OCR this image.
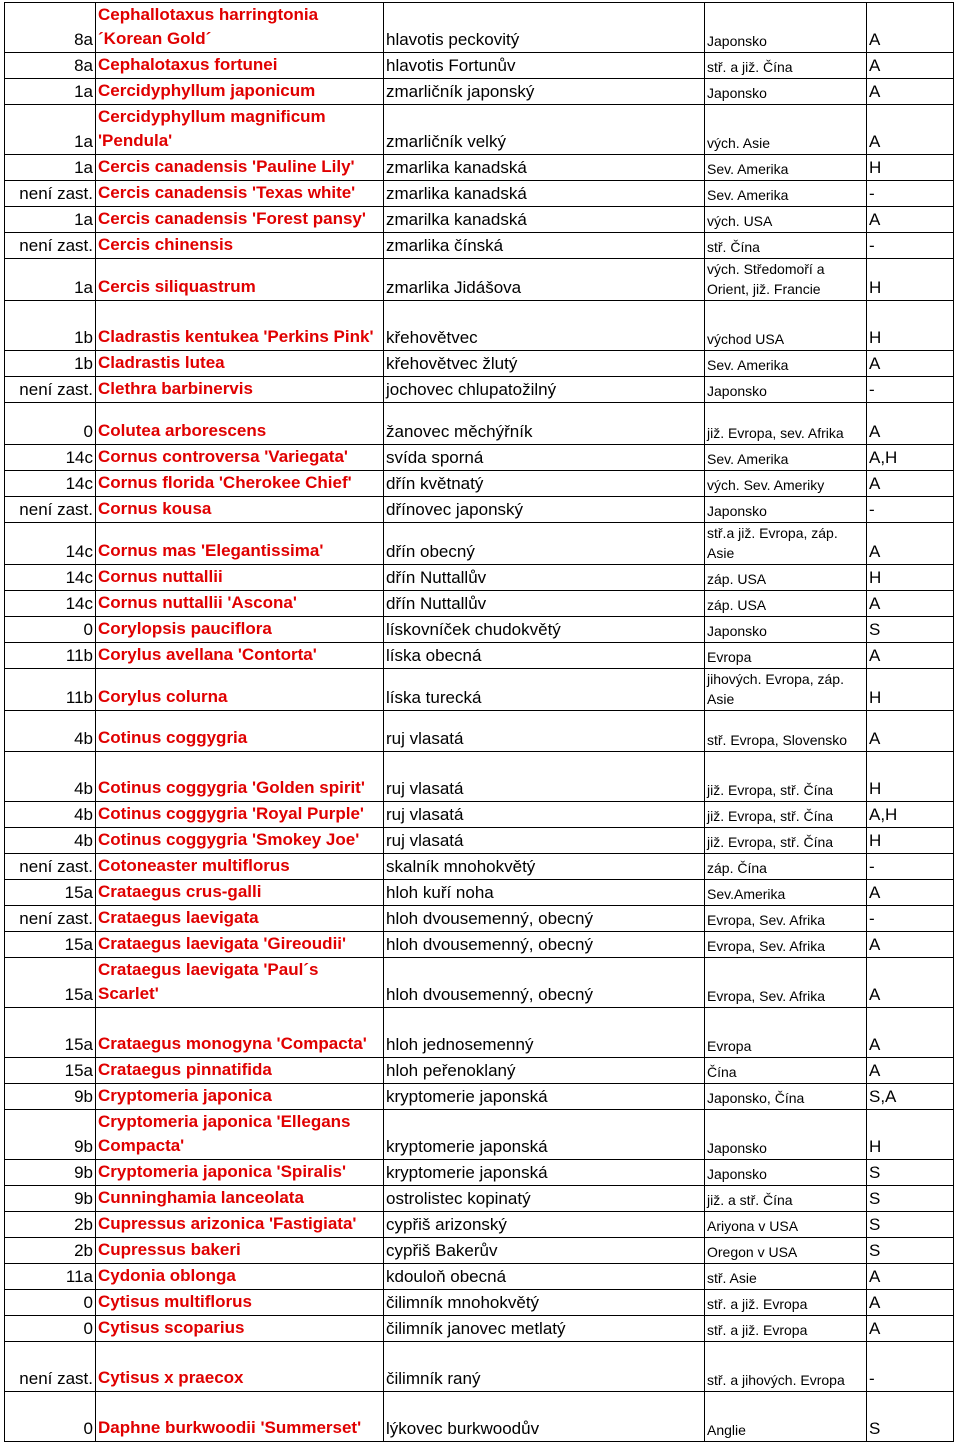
8a	Cephallotaxus harringtonia ´Korean Gold´	hlavotis peckovitý	Japonsko	A
8a	Cephalotaxus fortunei	hlavotis Fortunův	stř. a již. Čína	A
1a	Cercidyphyllum japonicum	zmarličník japonský	Japonsko	A
1a	Cercidyphyllum magnificum 'Pendula'	zmarličník velký	vých. Asie	A
1a	Cercis canadensis 'Pauline Lily'	zmarlika kanadská	Sev. Amerika	H
není zast.	Cercis canadensis 'Texas white'	zmarlika kanadská	Sev. Amerika	-
1a	Cercis canadensis 'Forest pansy'	zmarilka kanadská	vých. USA	A
není zast.	Cercis chinensis	zmarlika čínská	stř. Čína	-
1a	Cercis siliquastrum	zmarlika Jidášova	vých. Středomoří a Orient, již. Francie	H
1b	Cladrastis kentukea 'Perkins Pink'	křehovětvec	východ USA	H
1b	Cladrastis lutea	křehovětvec žlutý	Sev. Amerika	A
není zast.	Clethra barbinervis	jochovec chlupatožilný	Japonsko	-
0	Colutea arborescens	žanovec měchýřník	již. Evropa, sev. Afrika	A
14c	Cornus controversa 'Variegata'	svída sporná	Sev. Amerika	A,H
14c	Cornus florida 'Cherokee Chief'	dřín květnatý	vých. Sev. Ameriky	A
není zast.	Cornus kousa	dřínovec japonský	Japonsko	-
14c	Cornus mas 'Elegantissima'	dřín obecný	stř.a již. Evropa, záp. Asie	A
14c	Cornus nuttallii	dřín Nuttallův	záp. USA	H
14c	Cornus nuttallii 'Ascona'	dřín Nuttallův	záp. USA	A
0	Corylopsis pauciflora	lískovníček chudokvětý	Japonsko	S
11b	Corylus avellana 'Contorta'	líska obecná	Evropa	A
11b	Corylus colurna	líska turecká	jihových. Evropa, záp. Asie	H
4b	Cotinus coggygria	ruj vlasatá	stř. Evropa, Slovensko	A
4b	Cotinus coggygria 'Golden spirit'	ruj vlasatá	již. Evropa, stř. Čína	H
4b	Cotinus coggygria 'Royal Purple'	ruj vlasatá	již. Evropa, stř. Čína	A,H
4b	Cotinus coggygria 'Smokey Joe'	ruj vlasatá	již. Evropa, stř. Čína	H
není zast.	Cotoneaster multiflorus	skalník mnohokvětý	záp. Čína	-
15a	Crataegus crus-galli	hloh kuří noha	Sev.Amerika	A
není zast.	Crataegus laevigata	hloh dvousemenný, obecný	Evropa, Sev. Afrika	-
15a	Crataegus laevigata 'Gireoudii'	hloh dvousemenný, obecný	Evropa, Sev. Afrika	A
15a	Crataegus laevigata 'Paul´s Scarlet'	hloh dvousemenný, obecný	Evropa, Sev. Afrika	A
15a	Crataegus monogyna 'Compacta'	hloh jednosemenný	Evropa	A
15a	Crataegus pinnatifida	hloh peřenoklaný	Čína	A
9b	Cryptomeria japonica	kryptomerie japonská	Japonsko, Čína	S,A
9b	Cryptomeria japonica 'Ellegans Compacta'	kryptomerie japonská	Japonsko	H
9b	Cryptomeria japonica 'Spiralis'	kryptomerie japonská	Japonsko	S
9b	Cunninghamia lanceolata	ostrolistec kopinatý	již. a stř. Čína	S
2b	Cupressus arizonica 'Fastigiata'	cypřiš arizonský	Ariyona v USA	S
2b	Cupressus bakeri	cypřiš Bakerův	Oregon v USA	S
11a	Cydonia oblonga	kdouloň obecná	stř. Asie	A
0	Cytisus multiflorus	čilimník mnohokvětý	stř. a již. Evropa	A
0	Cytisus scoparius	čilimník janovec metlatý	stř. a již. Evropa	A
není zast.	Cytisus x praecox	čilimník raný	stř. a jihových. Evropa	-
0	Daphne burkwoodii 'Summerset'	lýkovec burkwoodův	Anglie	S
